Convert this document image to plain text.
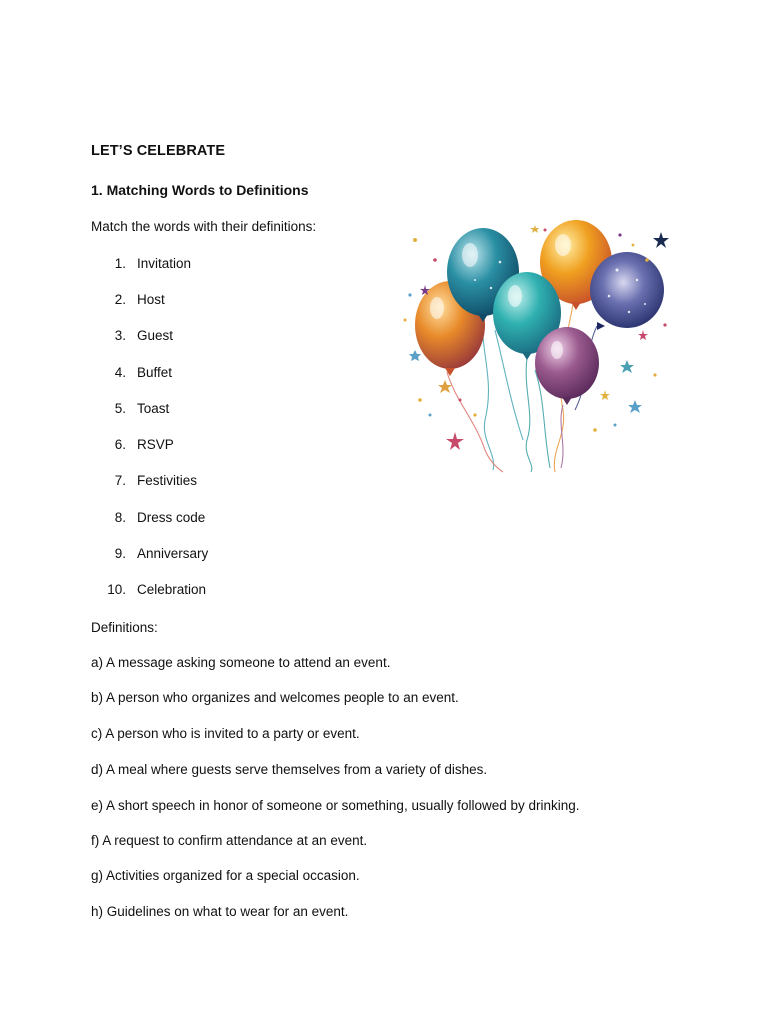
LET’S CELEBRATE
1. Matching Words to Definitions
Match the words with their definitions:
1. Invitation
2. Host
3. Guest
4. Buffet
5. Toast
6. RSVP
7. Festivities
8. Dress code
9. Anniversary
10. Celebration
Definitions:
a) A message asking someone to attend an event.
b) A person who organizes and welcomes people to an event.
c) A person who is invited to a party or event.
d) A meal where guests serve themselves from a variety of dishes.
e) A short speech in honor of someone or something, usually followed by drinking.
f) A request to confirm attendance at an event.
g) Activities organized for a special occasion.
h) Guidelines on what to wear for an event.
